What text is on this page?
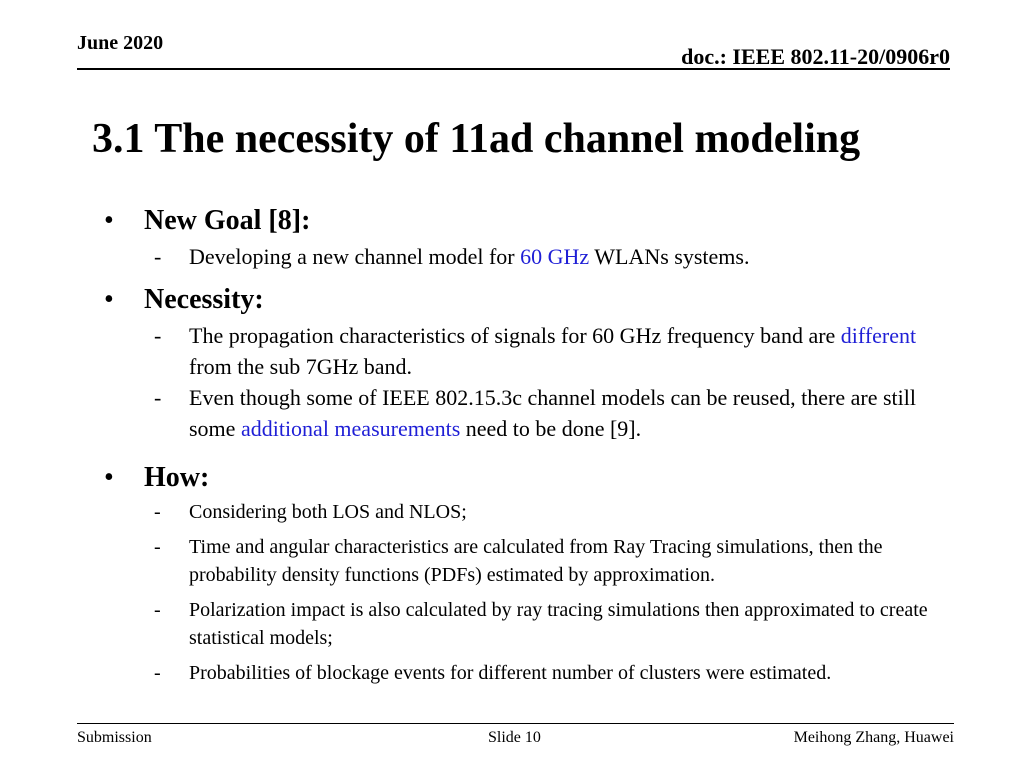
June 2020
doc.: IEEE 802.11-20/0906r0
3.1 The necessity of 11ad channel modeling
• New Goal [8]:
- Developing a new channel model for 60 GHz WLANs systems.
• Necessity:
- The propagation characteristics of signals for 60 GHz frequency band are different from the sub 7GHz band.
- Even though some of IEEE 802.15.3c channel models can be reused, there are still some additional measurements need to be done [9].
• How:
- Considering both LOS and NLOS;
- Time and angular characteristics are calculated from Ray Tracing simulations, then the probability density functions (PDFs) estimated by approximation.
- Polarization impact is also calculated by ray tracing simulations then approximated to create statistical models;
- Probabilities of blockage events for different number of clusters were estimated.
Submission	Slide 10	Meihong Zhang, Huawei
